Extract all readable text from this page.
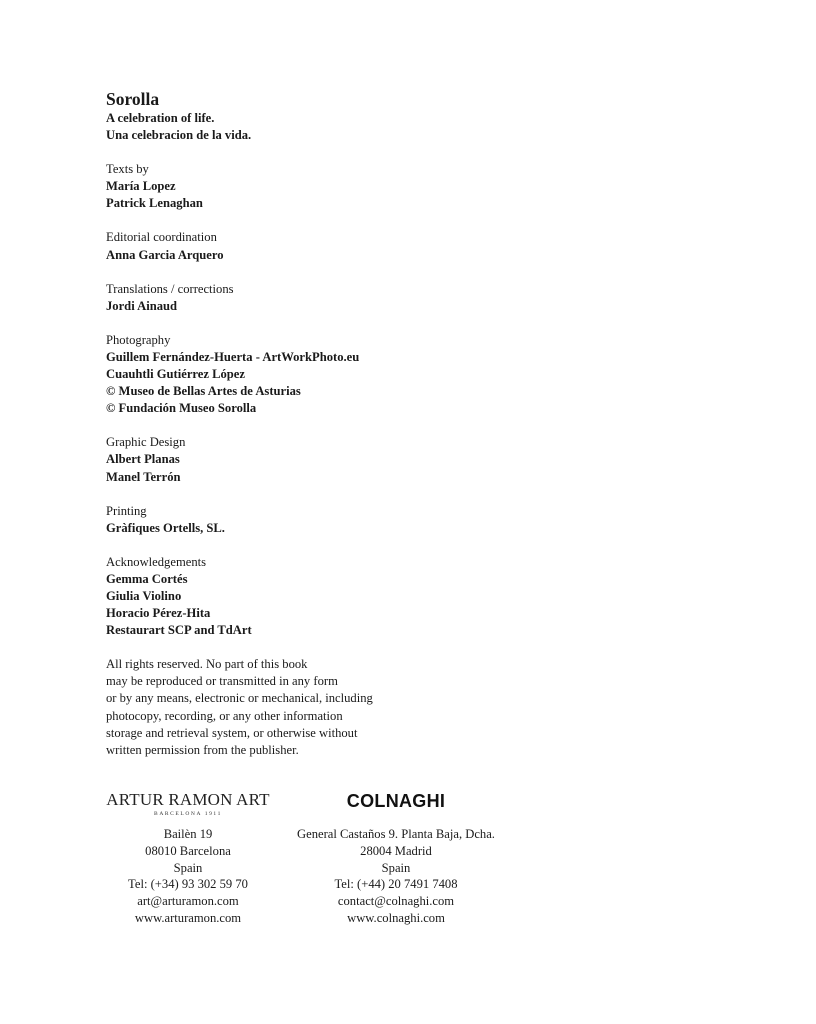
Sorolla
A celebration of life.
Una celebracion de la vida.
Texts by
María Lopez
Patrick Lenaghan
Editorial coordination
Anna Garcia Arquero
Translations / corrections
Jordi Ainaud
Photography
Guillem Fernández-Huerta - ArtWorkPhoto.eu
Cuauhtli Gutiérrez López
© Museo de Bellas Artes de Asturias
© Fundación Museo Sorolla
Graphic Design
Albert Planas
Manel Terrón
Printing
Gràfiques Ortells, SL.
Acknowledgements
Gemma Cortés
Giulia Violino
Horacio Pérez-Hita
Restaurart SCP and TdArt
All rights reserved. No part of this book
may be reproduced or transmitted in any form
or by any means, electronic or mechanical, including
photocopy, recording, or any other information
storage and retrieval system, or otherwise without
written permission from the publisher.
ARTUR RAMON ART
BARCELONA 1911
Bailèn 19
08010 Barcelona
Spain
Tel: (+34) 93 302 59 70
art@arturamon.com
www.arturamon.com
COLNAGHI
General Castaños 9. Planta Baja, Dcha.
28004 Madrid
Spain
Tel: (+44) 20 7491 7408
contact@colnaghi.com
www.colnaghi.com
